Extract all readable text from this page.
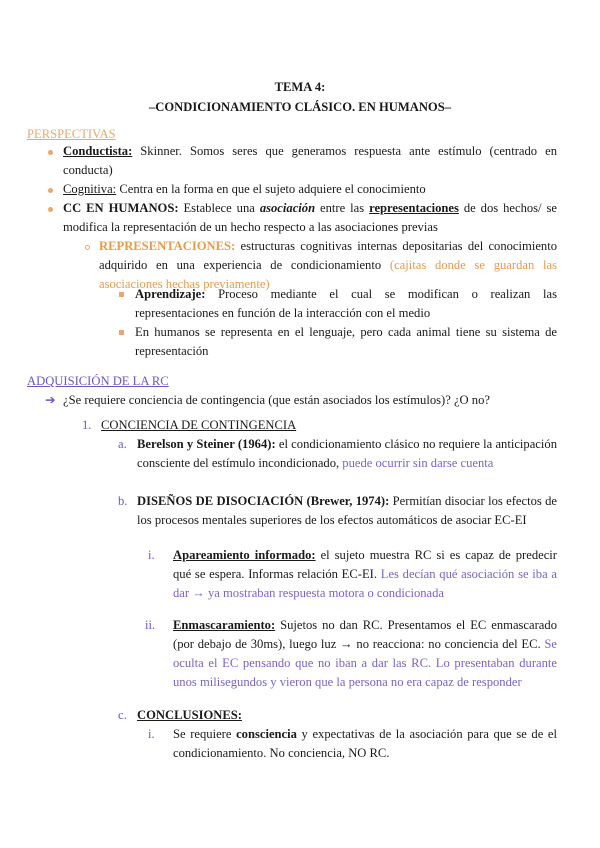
TEMA 4:
–CONDICIONAMIENTO CLÁSICO. EN HUMANOS–
PERSPECTIVAS
Conductista: Skinner. Somos seres que generamos respuesta ante estímulo (centrado en conducta)
Cognitiva: Centra en la forma en que el sujeto adquiere el conocimiento
CC EN HUMANOS: Establece una asociación entre las representaciones de dos hechos/ se modifica la representación de un hecho respecto a las asociaciones previas
REPRESENTACIONES: estructuras cognitivas internas depositarias del conocimiento adquirido en una experiencia de condicionamiento (cajitas donde se guardan las asociaciones hechas previamente)
Aprendizaje: Proceso mediante el cual se modifican o realizan las representaciones en función de la interacción con el medio
En humanos se representa en el lenguaje, pero cada animal tiene su sistema de representación
ADQUISICIÓN DE LA RC
➔ ¿Se requiere conciencia de contingencia (que están asociados los estímulos)? ¿O no?
1. CONCIENCIA DE CONTINGENCIA
a. Berelson y Steiner (1964): el condicionamiento clásico no requiere la anticipación consciente del estímulo incondicionado, puede ocurrir sin darse cuenta
b. DISEÑOS DE DISOCIACIÓN (Brewer, 1974): Permitían disociar los efectos de los procesos mentales superiores de los efectos automáticos de asociar EC-EI
i. Apareamiento informado: el sujeto muestra RC si es capaz de predecir qué se espera. Informas relación EC-EI. Les decían qué asociación se iba a dar → ya mostraban respuesta motora o condicionada
ii. Enmascaramiento: Sujetos no dan RC. Presentamos el EC enmascarado (por debajo de 30ms), luego luz → no reacciona: no conciencia del EC. Se oculta el EC pensando que no iban a dar las RC. Lo presentaban durante unos milisegundos y vieron que la persona no era capaz de responder
c. CONCLUSIONES:
i. Se requiere consciencia y expectativas de la asociación para que se de el condicionamiento. No conciencia, NO RC.
